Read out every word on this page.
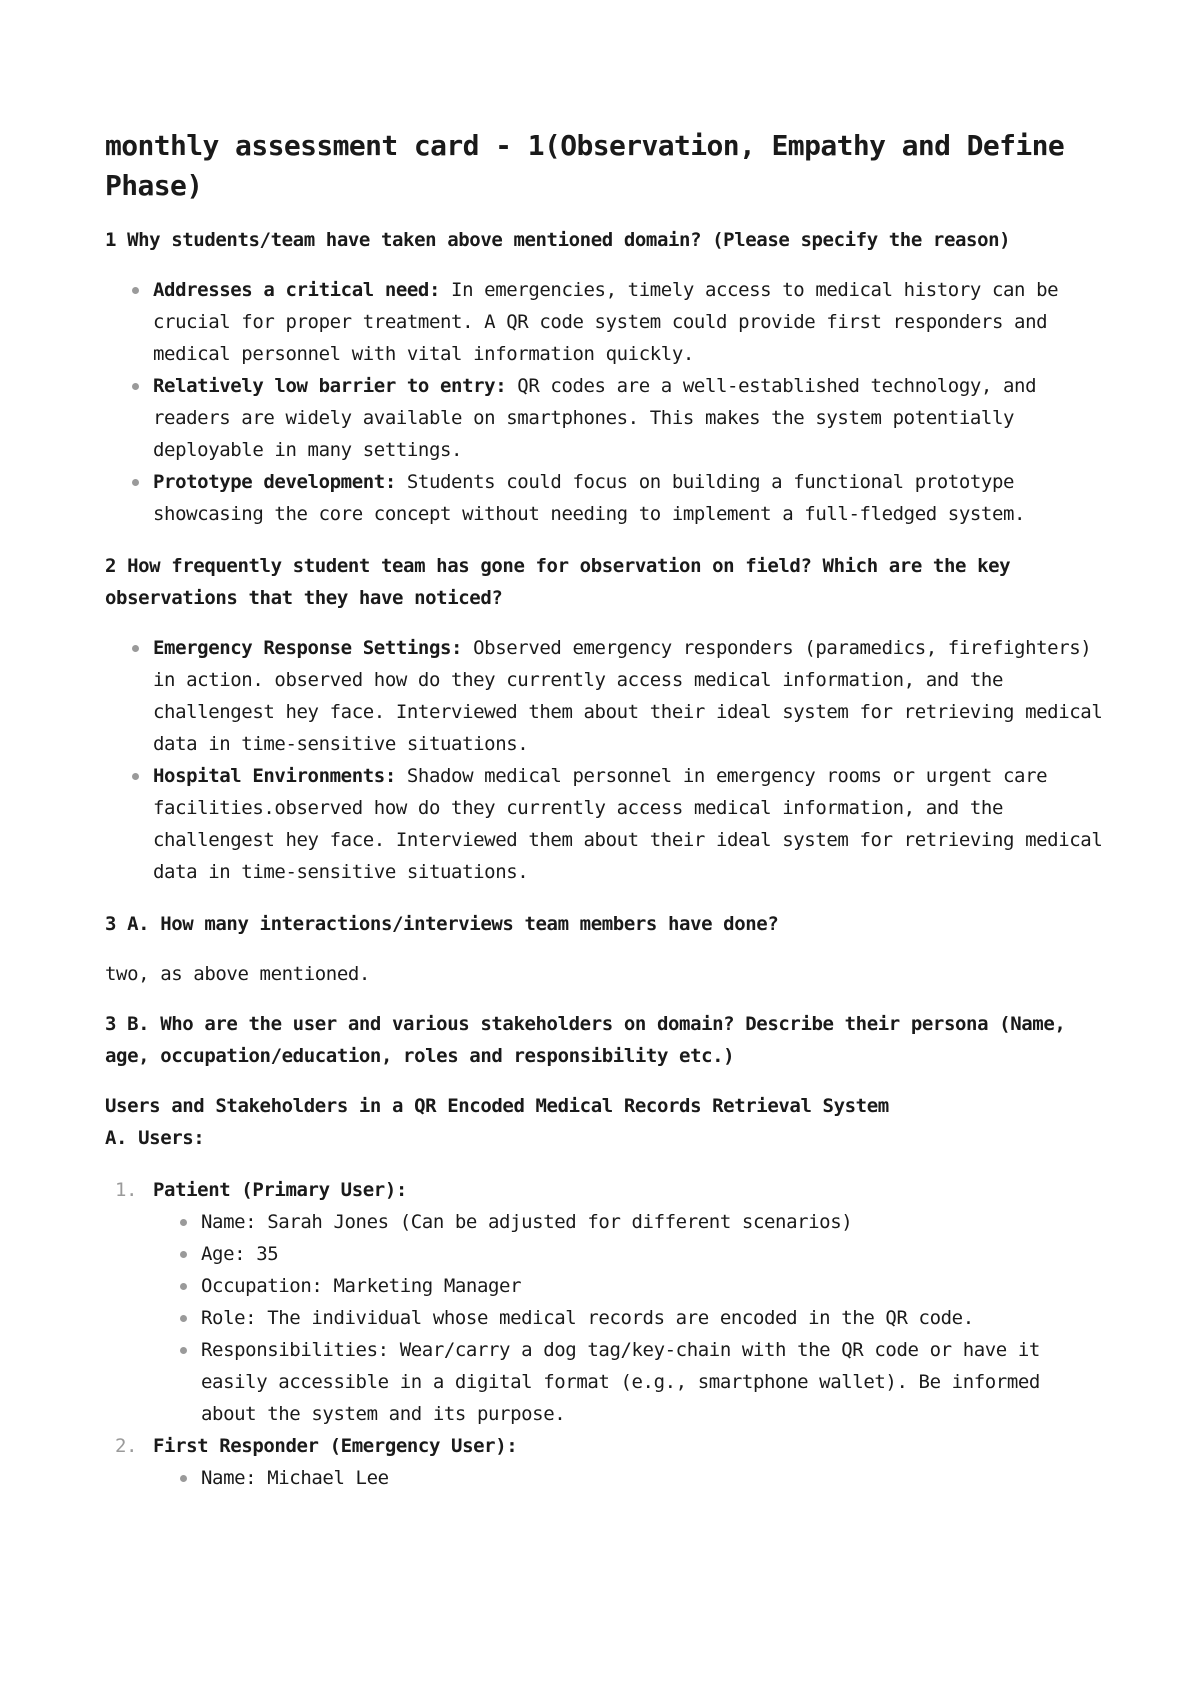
monthly assessment card - 1(Observation, Empathy and Define Phase)
1 Why students/team have taken above mentioned domain? (Please specify the reason)
Addresses a critical need: In emergencies, timely access to medical history can be crucial for proper treatment. A QR code system could provide first responders and medical personnel with vital information quickly.
Relatively low barrier to entry: QR codes are a well-established technology, and readers are widely available on smartphones. This makes the system potentially deployable in many settings.
Prototype development: Students could focus on building a functional prototype showcasing the core concept without needing to implement a full-fledged system.
2 How frequently student team has gone for observation on field? Which are the key observations that they have noticed?
Emergency Response Settings: Observed emergency responders (paramedics, firefighters) in action. observed how do they currently access medical information, and the challengest hey face. Interviewed them about their ideal system for retrieving medical data in time-sensitive situations.
Hospital Environments: Shadow medical personnel in emergency rooms or urgent care facilities.observed how do they currently access medical information, and the challengest hey face. Interviewed them about their ideal system for retrieving medical data in time-sensitive situations.
3 A. How many interactions/interviews team members have done?
two, as above mentioned.
3 B. Who are the user and various stakeholders on domain? Describe their persona (Name, age, occupation/education, roles and responsibility etc.)
Users and Stakeholders in a QR Encoded Medical Records Retrieval System
A. Users:
1. Patient (Primary User):
Name: Sarah Jones (Can be adjusted for different scenarios)
Age: 35
Occupation: Marketing Manager
Role: The individual whose medical records are encoded in the QR code.
Responsibilities: Wear/carry a dog tag/key-chain with the QR code or have it easily accessible in a digital format (e.g., smartphone wallet). Be informed about the system and its purpose.
2. First Responder (Emergency User):
Name: Michael Lee
